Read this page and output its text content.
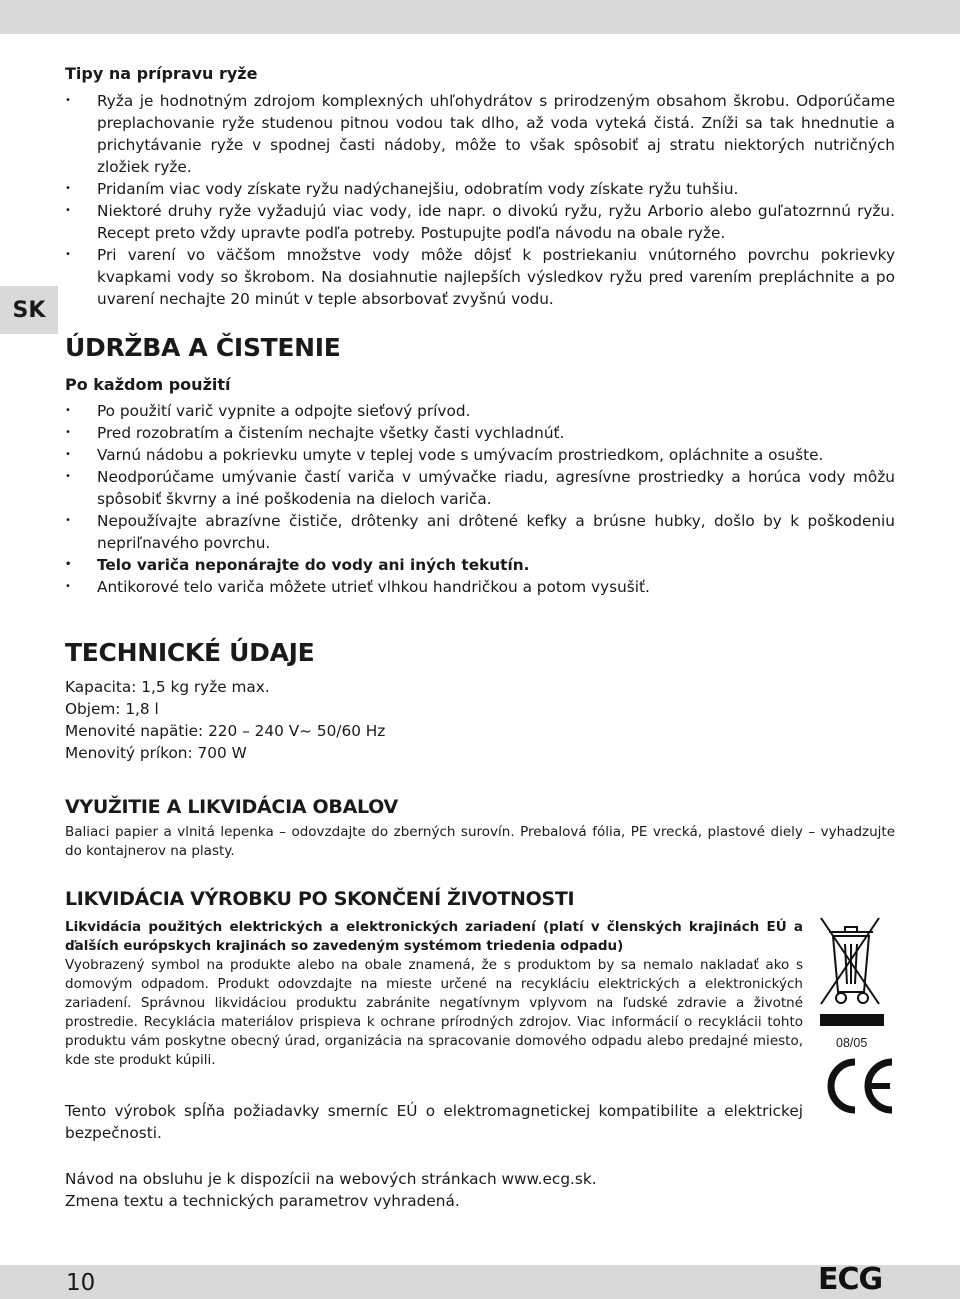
SK
Tipy na prípravu ryže
• Ryža je hodnotným zdrojom komplexných uhľohydrátov s prirodzeným obsahom škrobu. Odporúčame preplachovanie ryže studenou pitnou vodou tak dlho, až voda vyteká čistá. Zníži sa tak hnednutie a prichytávanie ryže v spodnej časti nádoby, môže to však spôsobiť aj stratu niektorých nutričných zložiek ryže.
• Pridaním viac vody získate ryžu nadýchanejšiu, odobratím vody získate ryžu tuhšiu.
• Niektoré druhy ryže vyžadujú viac vody, ide napr. o divokú ryžu, ryžu Arborio alebo guľatozrnnú ryžu. Recept preto vždy upravte podľa potreby. Postupujte podľa návodu na obale ryže.
• Pri varení vo väčšom množstve vody môže dôjsť k postriekaniu vnútorného povrchu pokrievky kvapkami vody so škrobom. Na dosiahnutie najlepších výsledkov ryžu pred varením prepláchnite a po uvarení nechajte 20 minút v teple absorbovať zvyšnú vodu.
ÚDRŽBA A ČISTENIE
Po každom použití
• Po použití varič vypnite a odpojte sieťový prívod.
• Pred rozobratím a čistením nechajte všetky časti vychladnúť.
• Varnú nádobu a pokrievku umyte v teplej vode s umývacím prostriedkom, opláchnite a osušte.
• Neodporúčame umývanie častí variča v umývačke riadu, agresívne prostriedky a horúca vody môžu spôsobiť škvrny a iné poškodenia na dieloch variča.
• Nepoužívajte abrazívne čističe, drôtenky ani drôtené kefky a brúsne hubky, došlo by k poškodeniu nepriľnavého povrchu.
• Telo variča neponárajte do vody ani iných tekutín.
• Antikorové telo variča môžete utrieť vlhkou handričkou a potom vysušiť.
TECHNICKÉ ÚDAJE

Kapacita: 1,5 kg ryže max.

Objem: 1,8 l

Menovité napätie: 220 – 240 V~ 50/60 Hz

Menovitý príkon: 700 W

VYUŽITIE A LIKVIDÁCIA OBALOV

Baliaci papier a vlnitá lepenka – odovzdajte do zberných surovín. Prebalová fólia, PE vrecká, plastové diely – vyhadzujte do kontajnerov na plasty.

LIKVIDÁCIA VÝROBKU PO SKONČENÍ ŽIVOTNOSTI

Likvidácia použitých elektrických a elektronických zariadení (platí v členských krajinách EÚ a ďalších európskych krajinách so zavedeným systémom triedenia odpadu)

Vyobrazený symbol na produkte alebo na obale znamená, že s produktom by sa nemalo nakladať ako s domovým odpadom. Produkt odovzdajte na mieste určené na recykláciu elektrických a elektronických zariadení. Správnou likvidáciou produktu zabránite negatívnym vplyvom na ľudské zdravie a životné prostredie. Recyklácia materiálov prispieva k ochrane prírodných zdrojov. Viac informácií o recyklácii tohto produktu vám poskytne obecný úrad, organizácia na spracovanie domového odpadu alebo predajné miesto, kde ste produkt kúpili.

08/05

Tento výrobok spĺňa požiadavky smerníc EÚ o elektromagnetickej kompatibilite a elektrickej bezpečnosti.

Návod na obsluhu je k dispozícii na webových stránkach www.ecg.sk.

Zmena textu a technických parametrov vyhradená.

10	ECG
